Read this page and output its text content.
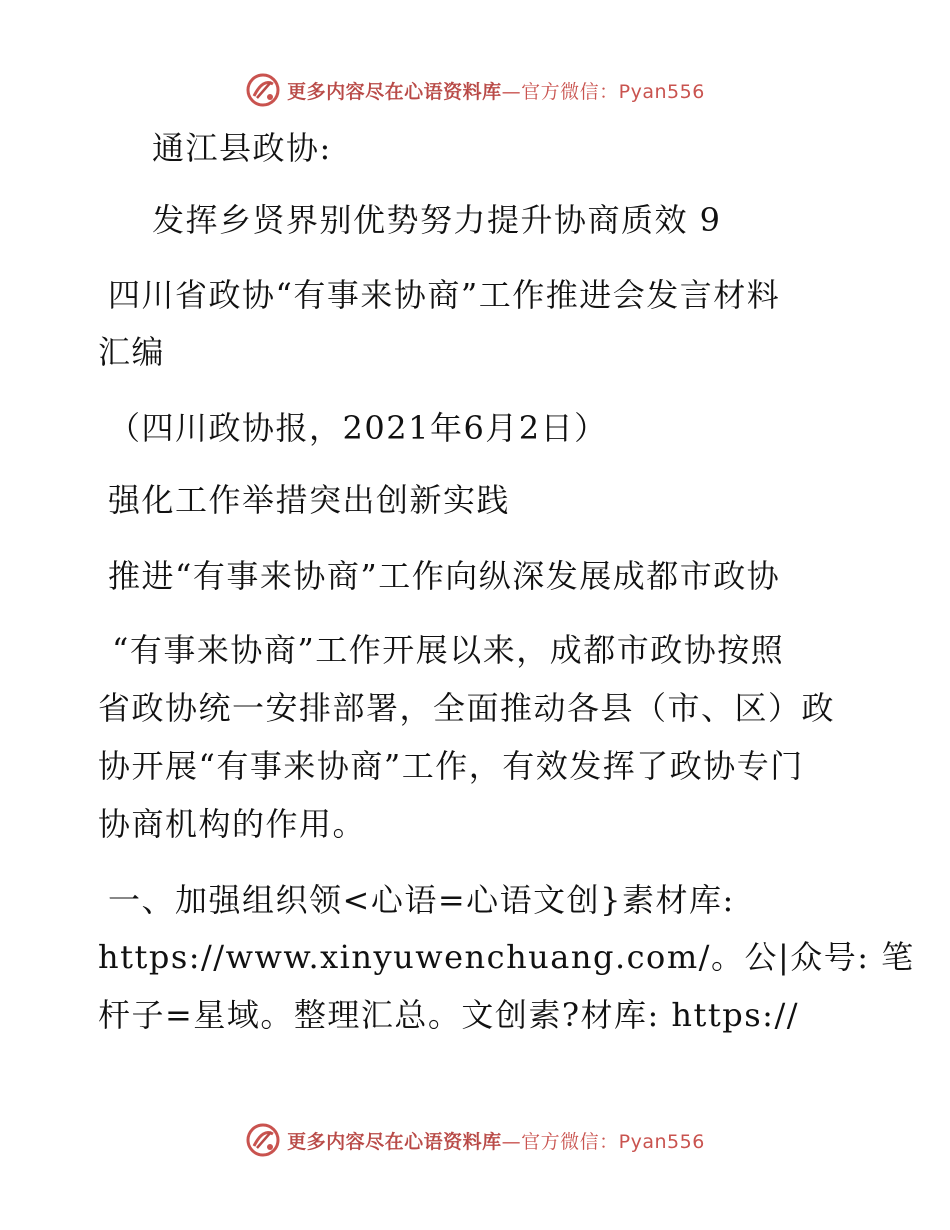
更多内容尽在心语资料库—官方微信：Pyan556
通江县政协:
发挥乡贤界别优势努力提升协商质效 9
四川省政协“有事来协商”工作推进会发言材料
汇编
（四川政协报，2021年6月2日）
强化工作举措突出创新实践
推进“有事来协商”工作向纵深发展成都市政协
“有事来协商”工作开展以来，成都市政协按照
省政协统一安排部署，全面推动各县（市、区）政
协开展“有事来协商”工作，有效发挥了政协专门
协商机构的作用。
一、加强组织领<心语=心语文创}素材库:
https://www.xinyuwenchuang.com/。公|众号: 笔
杆子=星域。整理汇总。文创素?材库: https://
更多内容尽在心语资料库—官方微信：Pyan556
